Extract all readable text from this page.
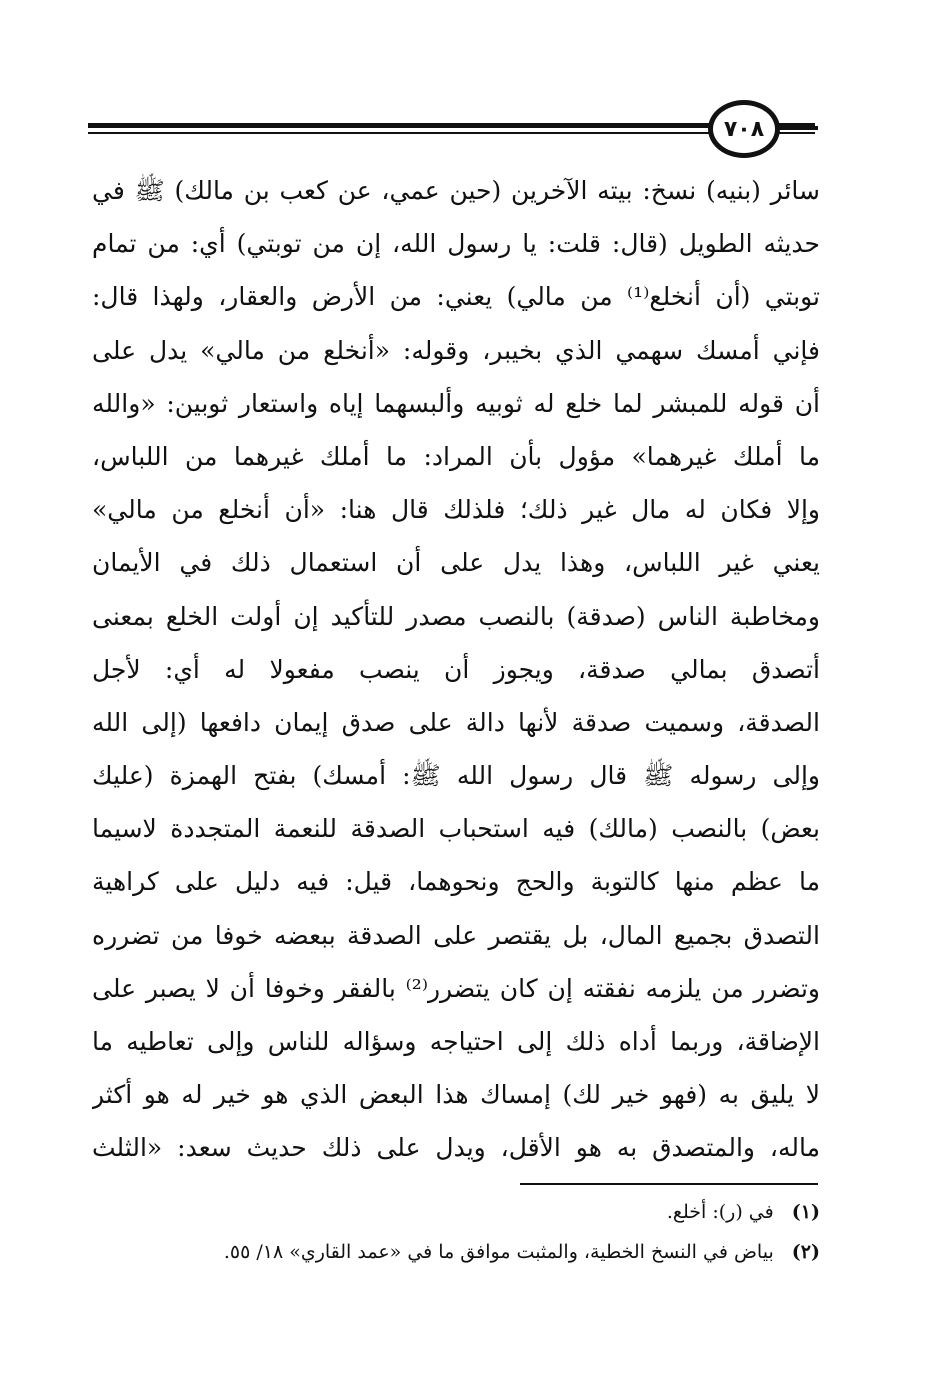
٧٠٨
سائر (بنيه) نسخ: بيته الآخرين (حين عمي، عن كعب بن مالك) ﷺ في
حديثه الطويل (قال: قلت: يا رسول الله، إن من توبتي) أي: من تمام
توبتي (أن أنخلع⁽¹⁾ من مالي) يعني: من الأرض والعقار، ولهذا قال:
فإني أمسك سهمي الذي بخيبر، وقوله: «أنخلع من مالي» يدل على
أن قوله للمبشر لما خلع له ثوبيه وألبسهما إياه واستعار ثوبين: «والله
ما أملك غيرهما» مؤول بأن المراد: ما أملك غيرهما من اللباس،
وإلا فكان له مال غير ذلك؛ فلذلك قال هنا: «أن أنخلع من مالي»
يعني غير اللباس، وهذا يدل على أن استعمال ذلك في الأيمان
ومخاطبة الناس (صدقة) بالنصب مصدر للتأكيد إن أولت الخلع بمعنى
أتصدق بمالي صدقة، ويجوز أن ينصب مفعولا له أي: لأجل
الصدقة، وسميت صدقة لأنها دالة على صدق إيمان دافعها (إلى الله
وإلى رسوله ﷺ قال رسول الله ﷺ: أمسك) بفتح الهمزة (عليك
بعض) بالنصب (مالك) فيه استحباب الصدقة للنعمة المتجددة لاسيما
ما عظم منها كالتوبة والحج ونحوهما، قيل: فيه دليل على كراهية
التصدق بجميع المال، بل يقتصر على الصدقة ببعضه خوفا من تضرره
وتضرر من يلزمه نفقته إن كان يتضرر⁽²⁾ بالفقر وخوفا أن لا يصبر على
الإضاقة، وربما أداه ذلك إلى احتياجه وسؤاله للناس وإلى تعاطيه ما
لا يليق به (فهو خير لك) إمساك هذا البعض الذي هو خير له هو أكثر
ماله، والمتصدق به هو الأقل، ويدل على ذلك حديث سعد: «الثلث
(١) في (ر): أخلع.
(٢) بياض في النسخ الخطية، والمثبت موافق ما في «عمد القاري» ١٨/ ٥٥.
